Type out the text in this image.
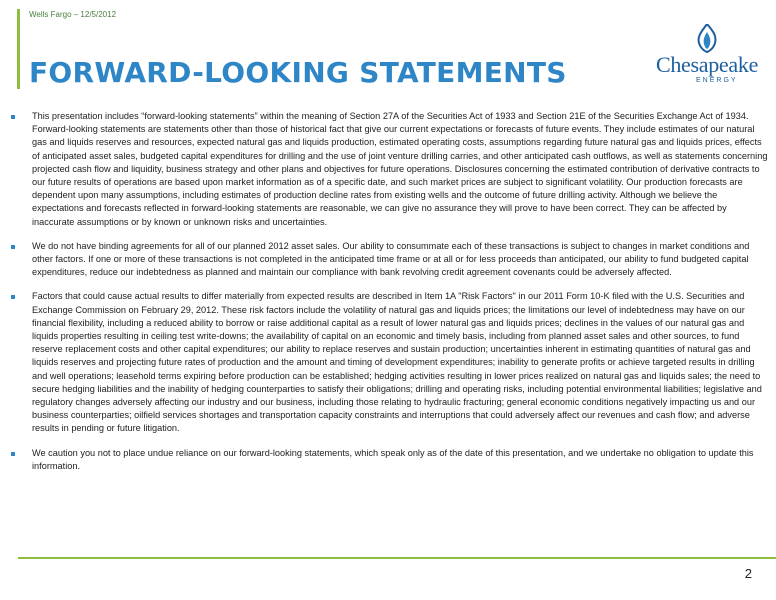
Wells Fargo – 12/5/2012
FORWARD-LOOKING STATEMENTS	Chesapeake
ENERGY
This presentation includes “forward-looking statements” within the meaning of Section 27A of the Securities Act of 1933 and Section 21E of the Securities Exchange Act of 1934. Forward-looking statements are statements other than those of historical fact that give our current expectations or forecasts of future events. They include estimates of our natural gas and liquids reserves and resources, expected natural gas and liquids production, estimated operating costs, assumptions regarding future natural gas and liquids prices, effects of anticipated asset sales, budgeted capital expenditures for drilling and the use of joint venture drilling carries, and other anticipated cash outflows, as well as statements concerning projected cash flow and liquidity, business strategy and other plans and objectives for future operations. Disclosures concerning the estimated contribution of derivative contracts to our future results of operations are based upon market information as of a specific date, and such market prices are subject to significant volatility. Our production forecasts are dependent upon many assumptions, including estimates of production decline rates from existing wells and the outcome of future drilling activity. Although we believe the expectations and forecasts reflected in forward-looking statements are reasonable, we can give no assurance they will prove to have been correct. They can be affected by inaccurate assumptions or by known or unknown risks and uncertainties.
We do not have binding agreements for all of our planned 2012 asset sales. Our ability to consummate each of these transactions is subject to changes in market conditions and other factors. If one or more of these transactions is not completed in the anticipated time frame or at all or for less proceeds than anticipated, our ability to fund budgeted capital expenditures, reduce our indebtedness as planned and maintain our compliance with bank revolving credit agreement covenants could be adversely affected.
Factors that could cause actual results to differ materially from expected results are described in Item 1A "Risk Factors" in our 2011 Form 10-K filed with the U.S. Securities and Exchange Commission on February 29, 2012. These risk factors include the volatility of natural gas and liquids prices; the limitations our level of indebtedness may have on our financial flexibility, including a reduced ability to borrow or raise additional capital as a result of lower natural gas and liquids prices; declines in the values of our natural gas and liquids properties resulting in ceiling test write-downs; the availability of capital on an economic and timely basis, including from planned asset sales and other sources, to fund reserve replacement costs and other capital expenditures; our ability to replace reserves and sustain production; uncertainties inherent in estimating quantities of natural gas and liquids reserves and projecting future rates of production and the amount and timing of development expenditures; inability to generate profits or achieve targeted results in drilling and well operations; leasehold terms expiring before production can be established; hedging activities resulting in lower prices realized on natural gas and liquids sales; the need to secure hedging liabilities and the inability of hedging counterparties to satisfy their obligations; drilling and operating risks, including potential environmental liabilities; legislative and regulatory changes adversely affecting our industry and our business, including those relating to hydraulic fracturing; general economic conditions negatively impacting us and our business counterparties; oilfield services shortages and transportation capacity constraints and interruptions that could adversely affect our revenues and cash flow; and adverse results in pending or future litigation.
We caution you not to place undue reliance on our forward-looking statements, which speak only as of the date of this presentation, and we undertake no obligation to update this information.
2
